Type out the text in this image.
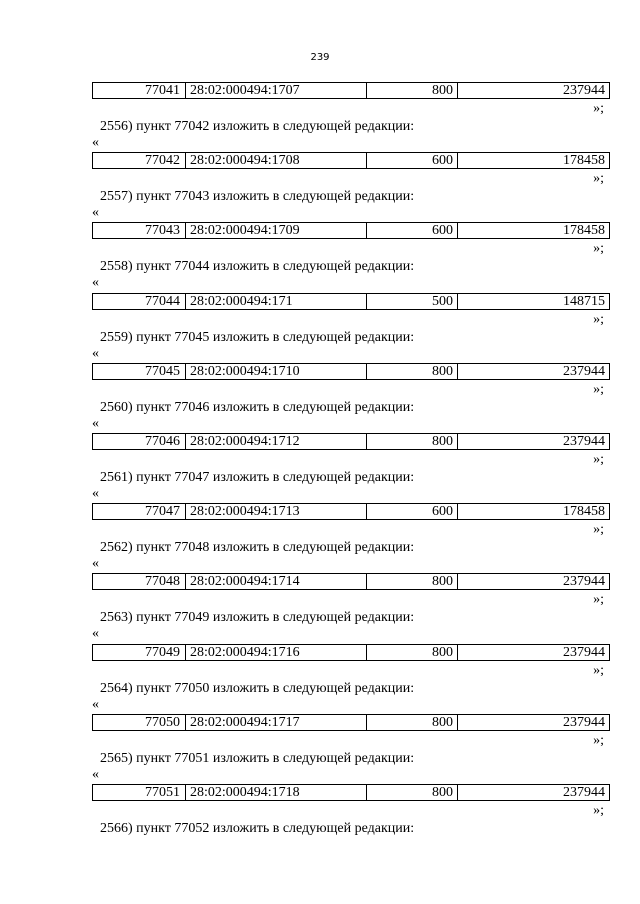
239
77041 28:02:000494:1707	800	237944
»;
2556) пункт 77042 изложить в следующей редакции:
«
77042 28:02:000494:1708	600	178458
»;
2557) пункт 77043 изложить в следующей редакции:
«
77043 28:02:000494:1709	600	178458
»;
2558) пункт 77044 изложить в следующей редакции:
«
77044 28:02:000494:171	500	148715
»;
2559) пункт 77045 изложить в следующей редакции:
«
77045 28:02:000494:1710	800	237944
»;
2560) пункт 77046 изложить в следующей редакции:
«
77046 28:02:000494:1712	800	237944
»;
2561) пункт 77047 изложить в следующей редакции:
«
77047 28:02:000494:1713	600	178458
»;
2562) пункт 77048 изложить в следующей редакции:
«
77048 28:02:000494:1714	800	237944
»;
2563) пункт 77049 изложить в следующей редакции:
«
77049 28:02:000494:1716	800	237944
»;
2564) пункт 77050 изложить в следующей редакции:
«
77050 28:02:000494:1717	800	237944
»;
2565) пункт 77051 изложить в следующей редакции:
«
77051 28:02:000494:1718	800	237944
»;
2566) пункт 77052 изложить в следующей редакции:
